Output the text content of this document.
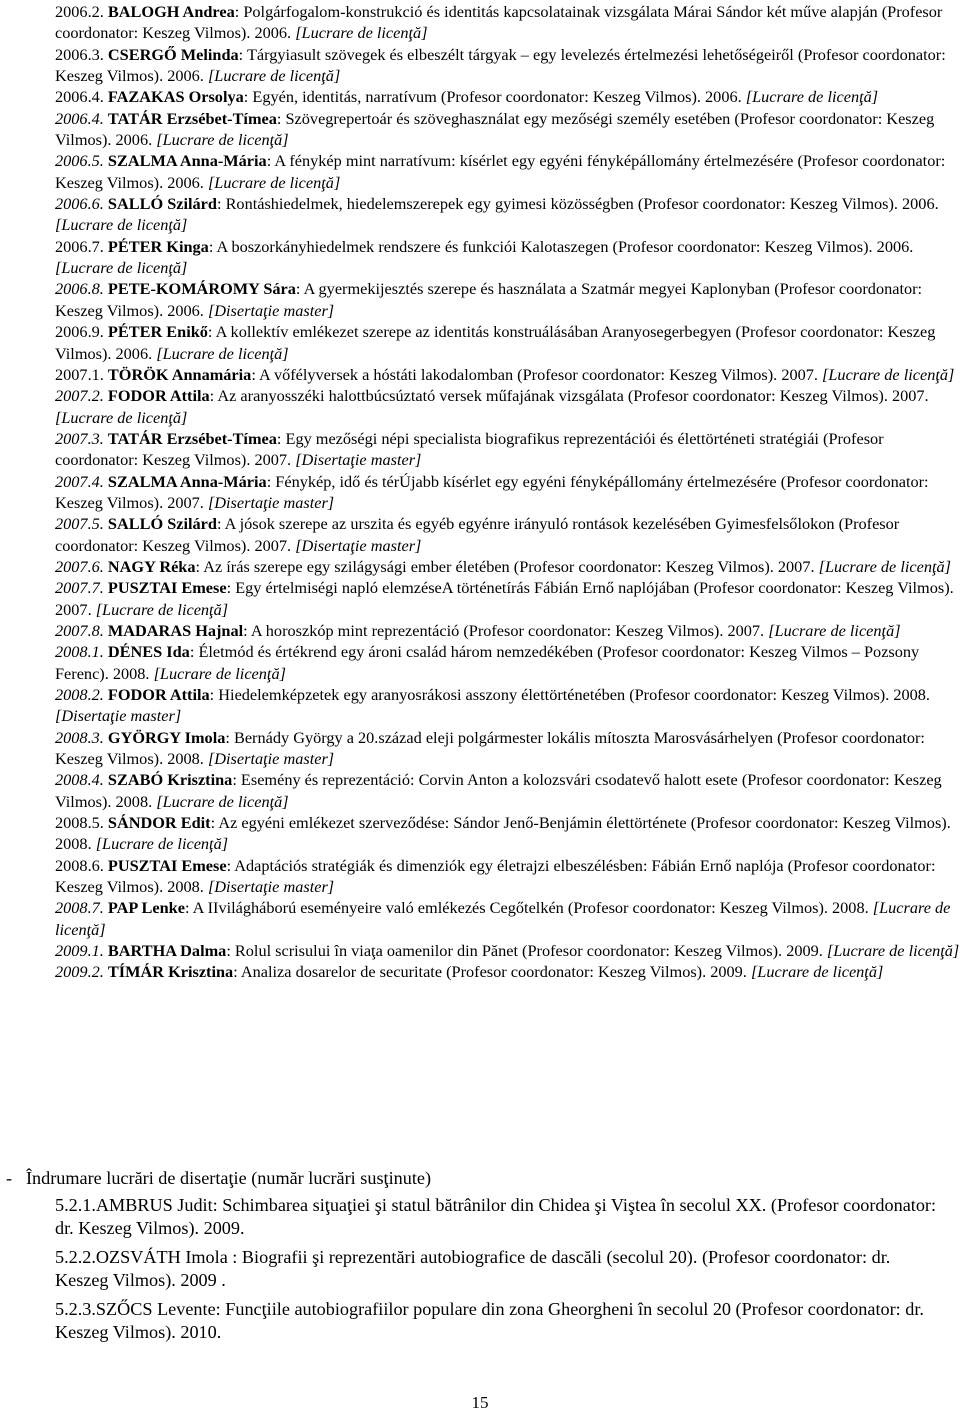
2006.2. BALOGH Andrea: Polgárfogalom-konstrukció és identitás kapcsolatainak vizsgálata Márai Sándor két műve alapján (Profesor coordonator: Keszeg Vilmos). 2006. [Lucrare de licenţă]

2006.3. CSERGŐ Melinda: Tárgyiasult szövegek és elbeszélt tárgyak – egy levelezés értelmezési lehetőségeiről (Profesor coordonator: Keszeg Vilmos). 2006. [Lucrare de licenţă]

2006.4. FAZAKAS Orsolya: Egyén, identitás, narratívum (Profesor coordonator: Keszeg Vilmos). 2006. [Lucrare de licenţă]

2006.4. TATÁR Erzsébet-Tímea: Szövegrepertoár és szöveghasználat egy mezőségi személy esetében (Profesor coordonator: Keszeg Vilmos). 2006. [Lucrare de licenţă]

2006.5. SZALMA Anna-Mária: A fénykép mint narratívum: kísérlet egy egyéni fényképállomány értelmezésére (Profesor coordonator: Keszeg Vilmos). 2006. [Lucrare de licenţă]

2006.6. SALLÓ Szilárd: Rontáshiedelmek, hiedelemszerepek egy gyimesi közösségben (Profesor coordonator: Keszeg Vilmos). 2006. [Lucrare de licenţă]

2006.7. PÉTER Kinga: A boszorkányhiedelmek rendszere és funkciói Kalotaszegen (Profesor coordonator: Keszeg Vilmos). 2006. [Lucrare de licenţă]

2006.8. PETE-KOMÁROMY Sára: A gyermekijesztés szerepe és használata a Szatmár megyei Kaplonyban (Profesor coordonator: Keszeg Vilmos). 2006. [Disertaţie master]

2006.9. PÉTER Enikő: A kollektív emlékezet szerepe az identitás konstruálásában Aranyosegerbegyen (Profesor coordonator: Keszeg Vilmos). 2006. [Lucrare de licenţă]

2007.1. TÖRÖK Annamária: A vőfélyversek a hóstáti lakodalomban (Profesor coordonator: Keszeg Vilmos). 2007. [Lucrare de licenţă]

2007.2. FODOR Attila: Az aranyosszéki halottbúcsúztató versek műfajának vizsgálata (Profesor coordonator: Keszeg Vilmos). 2007. [Lucrare de licenţă]

2007.3. TATÁR Erzsébet-Tímea: Egy mezőségi népi specialista biografikus reprezentációi és élettörténeti stratégiái (Profesor coordonator: Keszeg Vilmos). 2007. [Disertaţie master]

2007.4. SZALMA Anna-Mária: Fénykép, idő és térÚjabb kísérlet egy egyéni fényképállomány értelmezésére (Profesor coordonator: Keszeg Vilmos). 2007. [Disertaţie master]

2007.5. SALLÓ Szilárd: A jósok szerepe az urszita és egyéb egyénre irányuló rontások kezelésében Gyimesfelsőlokon (Profesor coordonator: Keszeg Vilmos). 2007. [Disertaţie master]

2007.6. NAGY Réka: Az írás szerepe egy szilágysági ember életében (Profesor coordonator: Keszeg Vilmos). 2007. [Lucrare de licenţă]

2007.7. PUSZTAI Emese: Egy értelmiségi napló elemzéseA történetírás Fábián Ernő naplójában (Profesor coordonator: Keszeg Vilmos). 2007. [Lucrare de licenţă]

2007.8. MADARAS Hajnal: A horoszkóp mint reprezentáció (Profesor coordonator: Keszeg Vilmos). 2007. [Lucrare de licenţă]

2008.1. DÉNES Ida: Életmód és értékrend egy ároni család három nemzedékében (Profesor coordonator: Keszeg Vilmos – Pozsony Ferenc). 2008. [Lucrare de licenţă]

2008.2. FODOR Attila: Hiedelemképzetek egy aranyosrákosi asszony élettörténetében (Profesor coordonator: Keszeg Vilmos). 2008. [Disertaţie master]

2008.3. GYÖRGY Imola: Bernády György a 20.század eleji polgármester lokális mítosztа Marosvásárhelyen (Profesor coordonator: Keszeg Vilmos). 2008. [Disertaţie master]

2008.4. SZABÓ Krisztina: Esemény és reprezentáció: Corvin Anton a kolozsvári csodatevő halott esete (Profesor coordonator: Keszeg Vilmos). 2008. [Lucrare de licenţă]

2008.5. SÁNDOR Edit: Az egyéni emlékezet szerveződése: Sándor Jenő-Benjámin élettörténete (Profesor coordonator: Keszeg Vilmos). 2008. [Lucrare de licenţă]

2008.6. PUSZTAI Emese: Adaptációs stratégiák és dimenziók egy életrajzi elbeszélésben: Fábián Ernő naplója (Profesor coordonator: Keszeg Vilmos). 2008. [Disertaţie master]

2008.7. PAP Lenke: A IIvilágháború eseményeire való emlékezés Cegőtelkén (Profesor coordonator: Keszeg Vilmos). 2008. [Lucrare de licenţă]

2009.1. BARTHA Dalma: Rolul scrisului în viaţa oamenilor din Pănet (Profesor coordonator: Keszeg Vilmos). 2009. [Lucrare de licenţă]

2009.2. TÍMÁR Krisztina: Analiza dosarelor de securitate (Profesor coordonator: Keszeg Vilmos). 2009. [Lucrare de licenţă]

- Îndrumare lucrări de disertaţie (număr lucrări susţinute)

5.2.1.AMBRUS Judit: Schimbarea siţuaţiei şi statul bătrânilor din Chidea şi Viştea în secolul XX. (Profesor coordonator: dr. Keszeg Vilmos). 2009.

5.2.2.OZSVÁTH Imola : Biografii şi reprezentări autobiografice de dascăli (secolul 20). (Profesor coordonator: dr. Keszeg Vilmos). 2009 .

5.2.3.SZŐCS Levente: Funcţiile autobiografiilor populare din zona Gheorgheni în secolul 20 (Profesor coordonator: dr. Keszeg Vilmos). 2010.

15
